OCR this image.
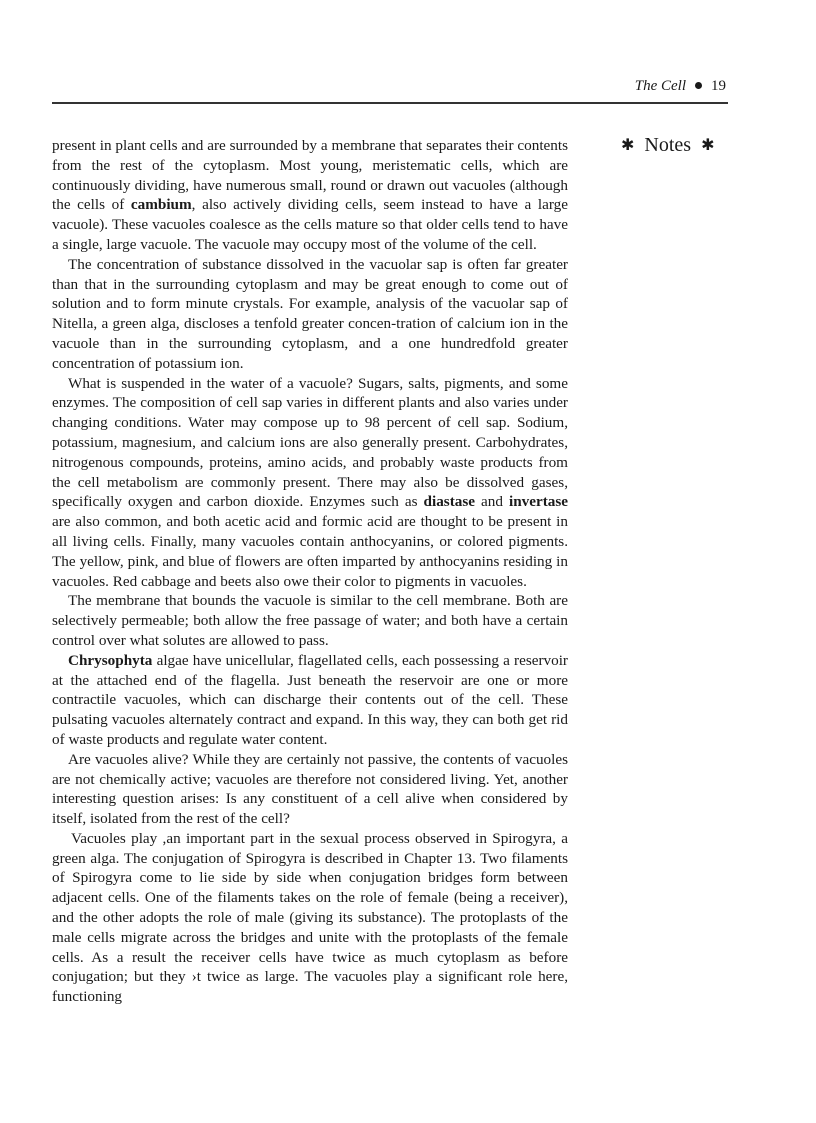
The Cell 19
✱ Notes ✱

present in plant cells and are surrounded by a membrane that separates their contents from the rest of the cytoplasm. Most young, meristematic cells, which are continuously dividing, have numerous small, round or drawn out vacuoles (although the cells of cambium, also actively dividing cells, seem instead to have a large vacuole). These vacuoles coalesce as the cells mature so that older cells tend to have a single, large vacuole. The vacuole may occupy most of the volume of the cell.

The concentration of substance dissolved in the vacuolar sap is often far greater than that in the surrounding cytoplasm and may be great enough to come out of solution and to form minute crystals. For example, analysis of the vacuolar sap of Nitella, a green alga, discloses a tenfold greater concen-tration of calcium ion in the vacuole than in the surrounding cytoplasm, and a one hundredfold greater concentration of potassium ion.

What is suspended in the water of a vacuole? Sugars, salts, pigments, and some enzymes. The composition of cell sap varies in different plants and also varies under changing conditions. Water may compose up to 98 percent of cell sap. Sodium, potassium, magnesium, and calcium ions are also generally present. Carbohydrates, nitrogenous compounds, proteins, amino acids, and probably waste products from the cell metabolism are commonly present. There may also be dissolved gases, specifically oxygen and carbon dioxide. Enzymes such as diastase and invertase are also common, and both acetic acid and formic acid are thought to be present in all living cells. Finally, many vacuoles contain anthocyanins, or colored pigments. The yellow, pink, and blue of flowers are often imparted by anthocyanins residing in vacuoles. Red cabbage and beets also owe their color to pigments in vacuoles.

The membrane that bounds the vacuole is similar to the cell membrane. Both are selectively permeable; both allow the free passage of water; and both have a certain control over what solutes are allowed to pass.

Chrysophyta algae have unicellular, flagellated cells, each possessing a reservoir at the attached end of the flagella. Just beneath the reservoir are one or more contractile vacuoles, which can discharge their contents out of the cell. These pulsating vacuoles alternately contract and expand. In this way, they can both get rid of waste products and regulate water content.

Are vacuoles alive? While they are certainly not passive, the contents of vacuoles are not chemically active; vacuoles are therefore not considered living. Yet, another interesting question arises: Is any constituent of a cell alive when considered by itself, isolated from the rest of the cell?

Vacuoles play ,an important part in the sexual process observed in Spirogyra, a green alga. The conjugation of Spirogyra is described in Chapter 13. Two filaments of Spirogyra come to lie side by side when conjugation bridges form between adjacent cells. One of the filaments takes on the role of female (being a receiver), and the other adopts the role of male (giving its substance). The protoplasts of the male cells migrate across the bridges and unite with the protoplasts of the female cells. As a result the receiver cells have twice as much cytoplasm as before conjugation; but they ›t twice as large. The vacuoles play a significant role here, functioning
